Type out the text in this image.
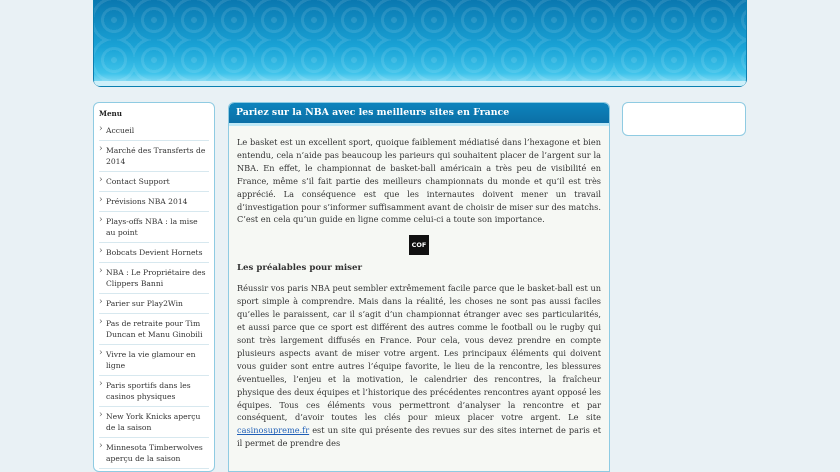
Menu
› Accueil
› Marché des Transferts de 2014
› Contact Support
› Prévisions NBA 2014
› Plays-offs NBA : la mise au point
› Bobcats Devient Hornets
› NBA : Le Propriétaire des Clippers Banni
› Parier sur Play2Win
› Pas de retraite pour Tim Duncan et Manu Ginobili
› Vivre la vie glamour en ligne
› Paris sportifs dans les casinos physiques
› New York Knicks aperçu de la saison
› Minnesota Timberwolves aperçu de la saison
Pariez sur la NBA avec les meilleurs sites en France

Le basket est un excellent sport, quoique faiblement médiatisé dans l’hexagone et bien entendu, cela n’aide pas beaucoup les parieurs qui souhaitent placer de l’argent sur la NBA. En effet, le championnat de basket-ball américain a très peu de visibilité en France, même s’il fait partie des meilleurs championnats du monde et qu’il est très apprécié. La conséquence est que les internautes doivent mener un travail d’investigation pour s’informer suffisamment avant de choisir de miser sur des matchs. C’est en cela qu’un guide en ligne comme celui-ci a toute son importance.

COF
Les préalables pour miser

Réussir vos paris NBA peut sembler extrêmement facile parce que le basket-ball est un sport simple à comprendre. Mais dans la réalité, les choses ne sont pas aussi faciles qu’elles le paraissent, car il s’agit d’un championnat étranger avec ses particularités, et aussi parce que ce sport est différent des autres comme le football ou le rugby qui sont très largement diffusés en France. Pour cela, vous devez prendre en compte plusieurs aspects avant de miser votre argent. Les principaux éléments qui doivent vous guider sont entre autres l’équipe favorite, le lieu de la rencontre, les blessures éventuelles, l’enjeu et la motivation, le calendrier des rencontres, la fraîcheur physique des deux équipes et l’historique des précédentes rencontres ayant opposé les équipes. Tous ces éléments vous permettront d’analyser la rencontre et par conséquent, d’avoir toutes les clés pour mieux placer votre argent. Le site casinosupreme.fr est un site qui présente des revues sur des sites internet de paris et il permet de prendre des
